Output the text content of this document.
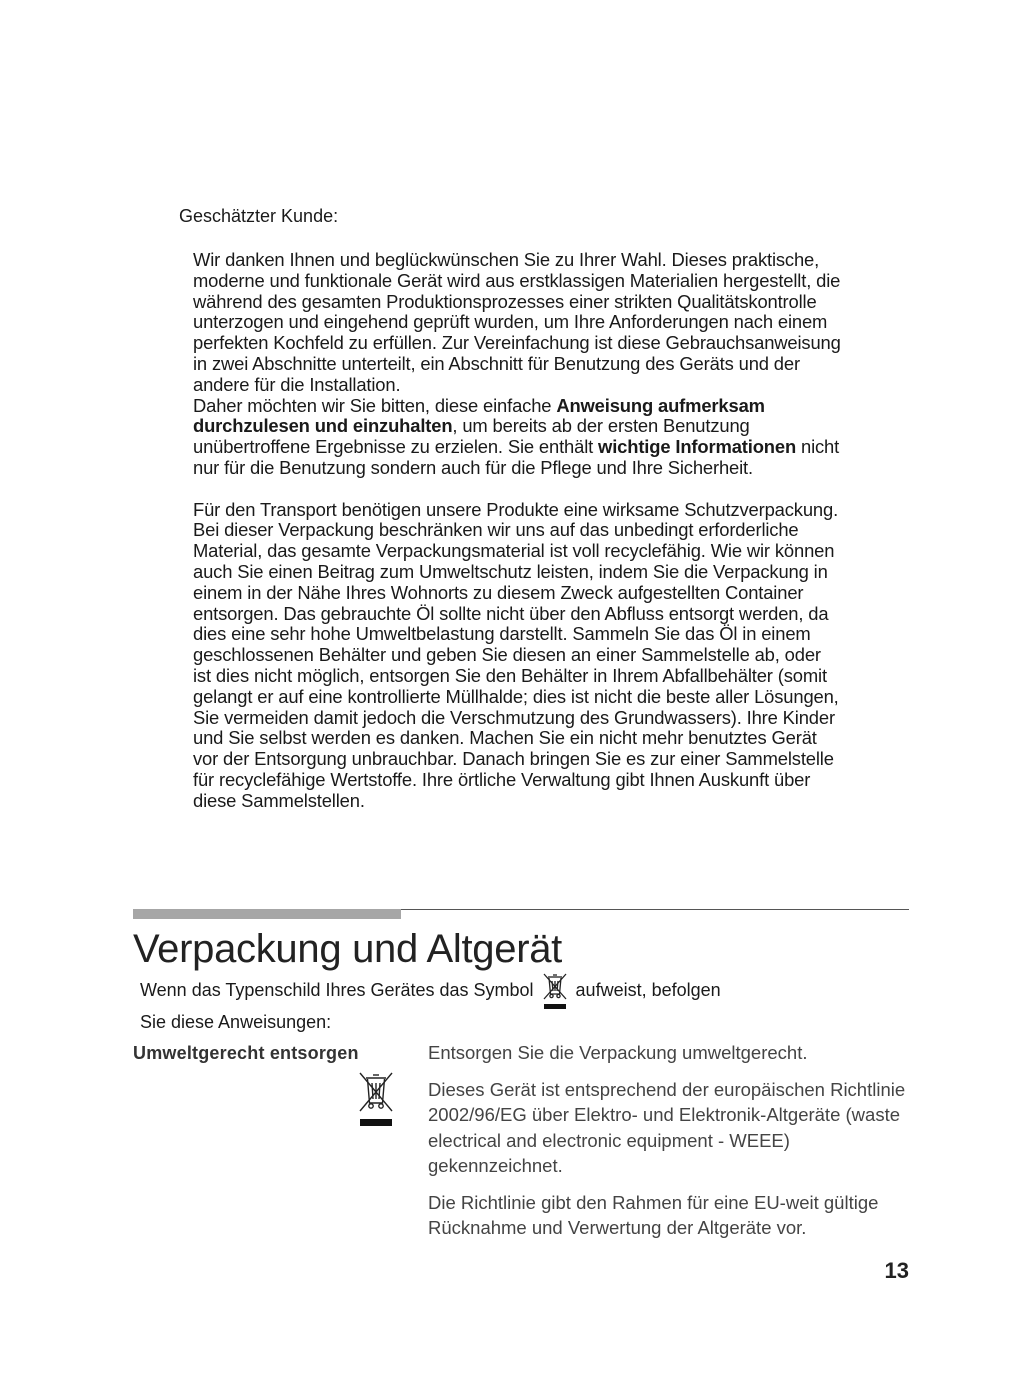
Geschätzter Kunde:

Wir danken Ihnen und beglückwünschen Sie zu Ihrer Wahl. Dieses praktische, moderne und funktionale Gerät wird aus erstklassigen Materialien hergestellt, die während des gesamten Produktionsprozesses einer strikten Qualitätskontrolle unterzogen und eingehend geprüft wurden, um Ihre Anforderungen nach einem perfekten Kochfeld zu erfüllen. Zur Vereinfachung ist diese Gebrauchsanweisung in zwei Abschnitte unterteilt, ein Abschnitt für Benutzung des Geräts und der andere für die Installation.

Daher möchten wir Sie bitten, diese einfache Anweisung aufmerksam durchzulesen und einzuhalten, um bereits ab der ersten Benutzung unübertroffene Ergebnisse zu erzielen. Sie enthält wichtige Informationen nicht nur für die Benutzung sondern auch für die Pflege und Ihre Sicherheit.

Für den Transport benötigen unsere Produkte eine wirksame Schutzverpackung. Bei dieser Verpackung beschränken wir uns auf das unbedingt erforderliche Material, das gesamte Verpackungsmaterial ist voll recyclefähig. Wie wir können auch Sie einen Beitrag zum Umweltschutz leisten, indem Sie die Verpackung in einem in der Nähe Ihres Wohnorts zu diesem Zweck aufgestellten Container entsorgen. Das gebrauchte Öl sollte nicht über den Abfluss entsorgt werden, da dies eine sehr hohe Umweltbelastung darstellt. Sammeln Sie das Öl in einem geschlossenen Behälter und geben Sie diesen an einer Sammelstelle ab, oder ist dies nicht möglich, entsorgen Sie den Behälter in Ihrem Abfallbehälter (somit gelangt er auf eine kontrollierte Müllhalde; dies ist nicht die beste aller Lösungen, Sie vermeiden damit jedoch die Verschmutzung des Grundwassers). Ihre Kinder und Sie selbst werden es danken. Machen Sie ein nicht mehr benutztes Gerät vor der Entsorgung unbrauchbar. Danach bringen Sie es zur einer Sammelstelle für recyclefähige Wertstoffe. Ihre örtliche Verwaltung gibt Ihnen Auskunft über diese Sammelstellen.

Verpackung und Altgerät
Wenn das Typenschild Ihres Gerätes das Symbol aufweist, befolgen
Sie diese Anweisungen:
Umweltgerecht entsorgen	Entsorgen Sie die Verpackung umweltgerecht.

Dieses Gerät ist entsprechend der europäischen Richtlinie 2002/96/EG über Elektro- und Elektronik-Altgeräte (waste electrical and electronic equipment - WEEE) gekennzeichnet.

Die Richtlinie gibt den Rahmen für eine EU-weit gültige Rücknahme und Verwertung der Altgeräte vor.

13
